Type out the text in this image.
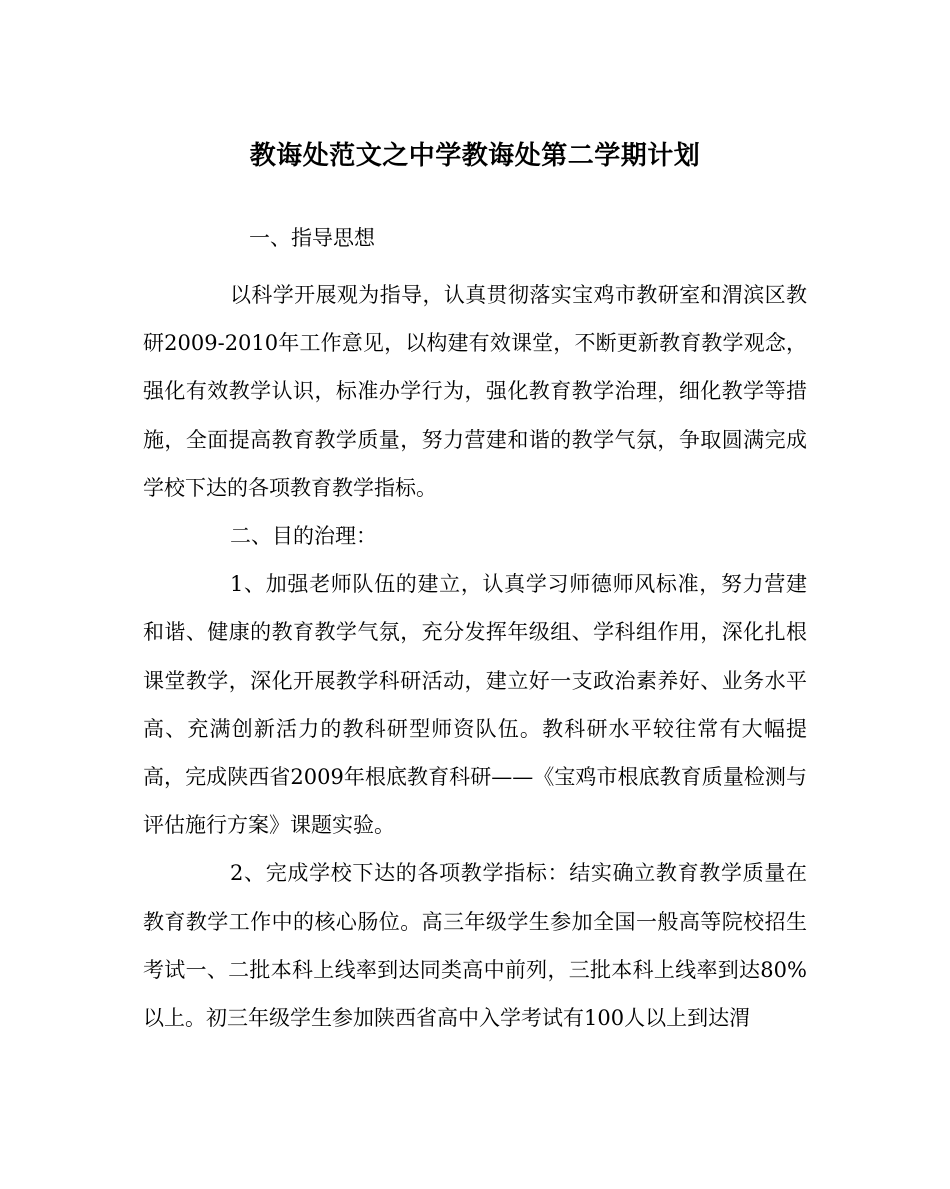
教诲处范文之中学教诲处第二学期计划

一、指导思想

以科学开展观为指导，认真贯彻落实宝鸡市教研室和渭滨区教研2009-2010年工作意见，以构建有效课堂，不断更新教育教学观念，强化有效教学认识，标准办学行为，强化教育教学治理，细化教学等措施，全面提高教育教学质量，努力营建和谐的教学气氛，争取圆满完成学校下达的各项教育教学指标。

二、目的治理：

1、加强老师队伍的建立，认真学习师德师风标准，努力营建和谐、健康的教育教学气氛，充分发挥年级组、学科组作用，深化扎根课堂教学，深化开展教学科研活动，建立好一支政治素养好、业务水平高、充满创新活力的教科研型师资队伍。教科研水平较往常有大幅提高，完成陕西省2009年根底教育科研——《宝鸡市根底教育质量检测与评估施行方案》课题实验。

2、完成学校下达的各项教学指标：结实确立教育教学质量在教育教学工作中的核心肠位。高三年级学生参加全国一般高等院校招生考试一、二批本科上线率到达同类高中前列，三批本科上线率到达80%以上。初三年级学生参加陕西省高中入学考试有100人以上到达渭
